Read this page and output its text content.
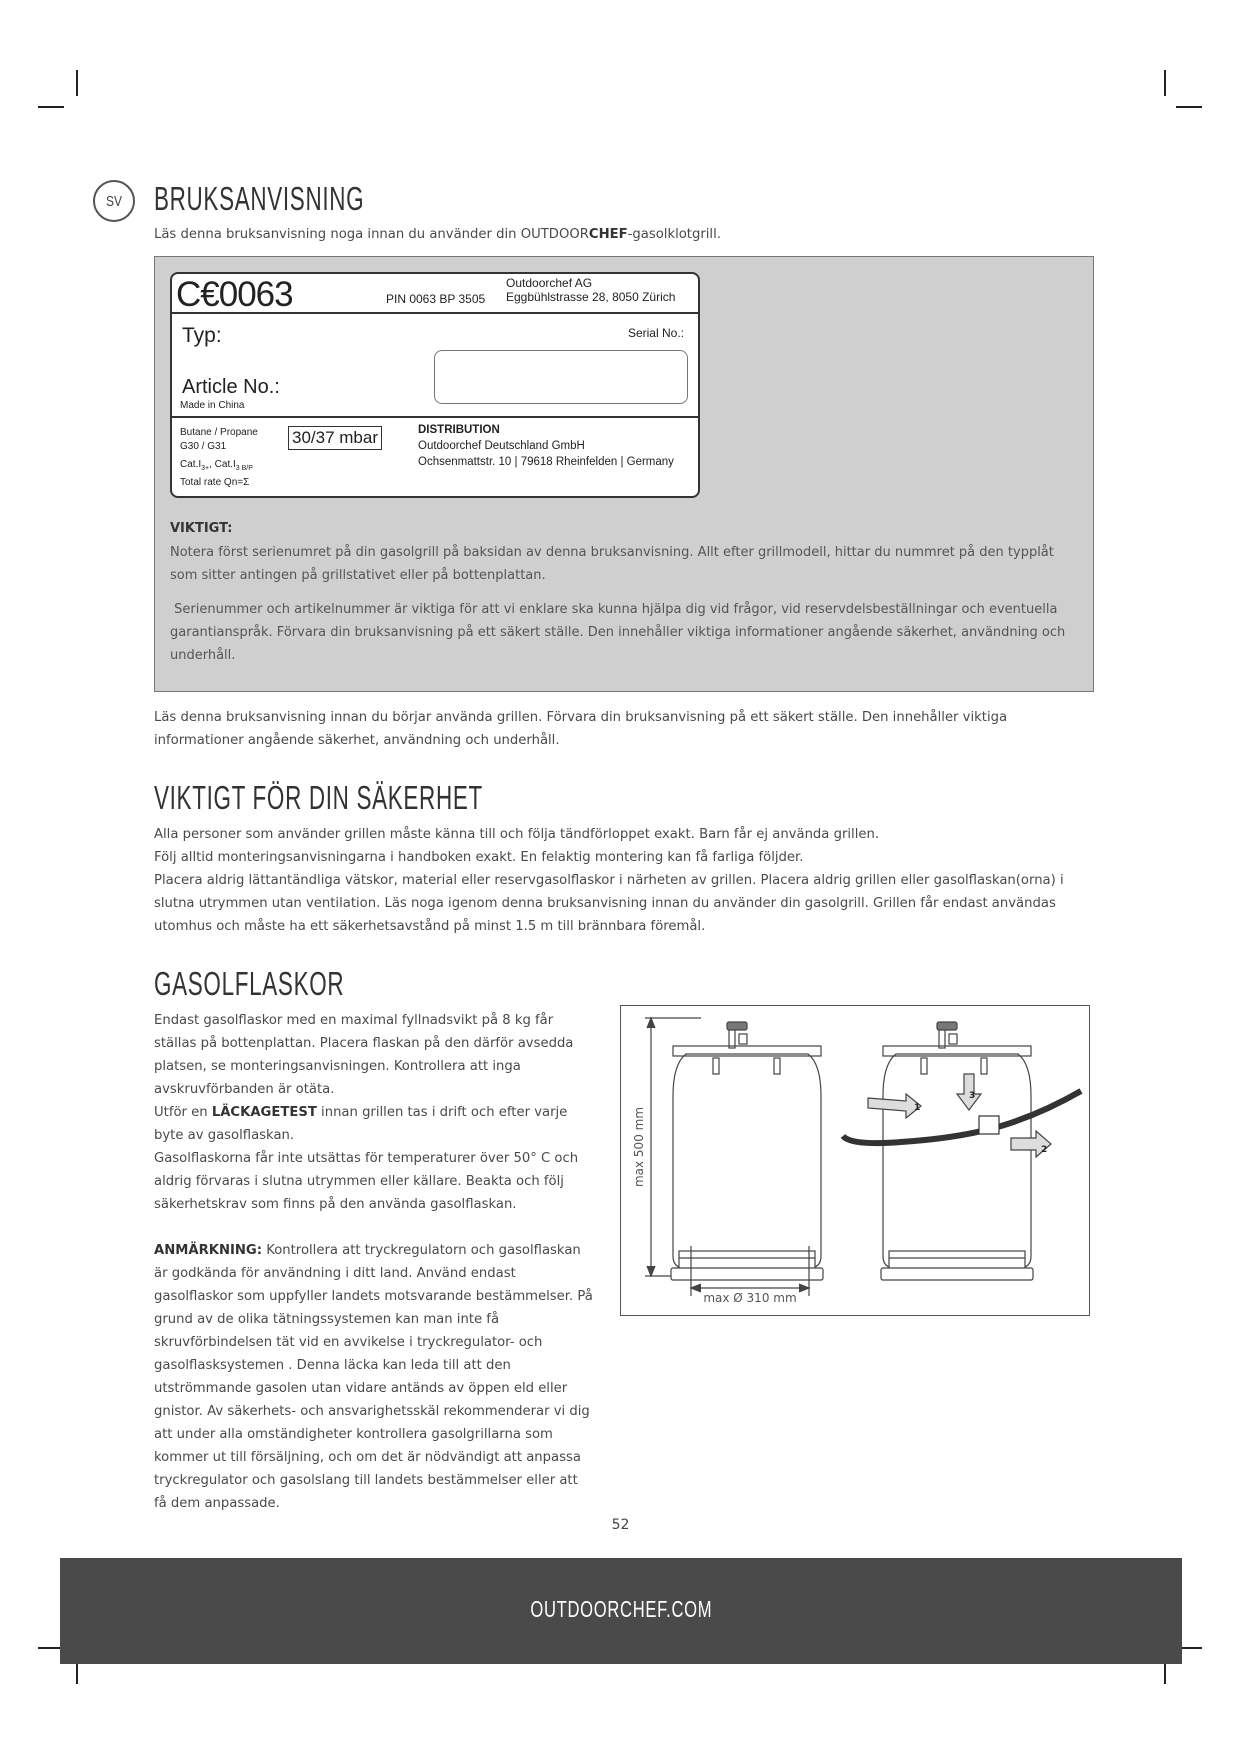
SV BRUKSANVISNING
Läs denna bruksanvisning noga innan du använder din OUTDOORCHEF-gasolklotgrill.
C€0063	PIN 0063 BP 3505
Outdoorchef AG
Eggbühlstrasse 28, 8050 Zürich
Typ:	Serial No.:
Article No.:
Made in China
Butane / Propane
G30 / G31
$Cat.I_{3+}$, $Cat.I_{3 B/P}$
Total rate Qn=Σ
30/37 mbar	DISTRIBUTION
Outdoorchef Deutschland GmbH
Ochsenmattstr. 10 | 79618 Rheinfelden | Germany
VIKTIGT:
Notera först serienumret på din gasolgrill på baksidan av denna bruksanvisning. Allt efter grillmodell, hittar du nummret på den typplåt som sitter antingen på grillstativet eller på bottenplattan.
Serienummer och artikelnummer är viktiga för att vi enklare ska kunna hjälpa dig vid frågor, vid reservdelsbeställningar och eventuella garantianspråk. Förvara din bruksanvisning på ett säkert ställe. Den innehåller viktiga informationer angående säkerhet, användning och underhåll.
Läs denna bruksanvisning innan du börjar använda grillen. Förvara din bruksanvisning på ett säkert ställe. Den innehåller viktiga informationer angående säkerhet, användning och underhåll.
VIKTIGT FÖR DIN SÄKERHET
Alla personer som använder grillen måste känna till och följa tändförloppet exakt. Barn får ej använda grillen.
Följ alltid monteringsanvisningarna i handboken exakt. En felaktig montering kan få farliga följder.
Placera aldrig lättantändliga vätskor, material eller reservgasolflaskor i närheten av grillen. Placera aldrig grillen eller gasolflaskan(orna) i slutna utrymmen utan ventilation. Läs noga igenom denna bruksanvisning innan du använder din gasolgrill. Grillen får endast användas utomhus och måste ha ett säkerhetsavstånd på minst 1.5 m till brännbara föremål.
GASOLFLASKOR
Endast gasolflaskor med en maximal fyllnadsvikt på 8 kg får ställas på bottenplattan. Placera flaskan på den därför avsedda platsen, se monteringsanvisningen. Kontrollera att inga avskruvförbanden är otäta.
Utför en LÄCKAGETEST innan grillen tas i drift och efter varje byte av gasolflaskan.
Gasolflaskorna får inte utsättas för temperaturer över 50° C och aldrig förvaras i slutna utrymmen eller källare. Beakta och följ säkerhetskrav som finns på den använda gasolflaskan.
ANMÄRKNING: Kontrollera att tryckregulatorn och gasolflaskan är godkända för användning i ditt land. Använd endast gasolflaskor som uppfyller landets motsvarande bestämmelser. På grund av de olika tätningssystemen kan man inte få skruvförbindelsen tät vid en avvikelse i tryckregulator- och gasolflasksystemen . Denna läcka kan leda till att den utströmmande gasolen utan vidare antänds av öppen eld eller gnistor. Av säkerhets- och ansvarighetsskäl rekommenderar vi dig att under alla omständigheter kontrollera gasolgrillarna som kommer ut till försäljning, och om det är nödvändigt att anpassa tryckregulator och gasolslang till landets bestämmelser eller att få dem anpassade.
max 500 mm
max Ø 310 mm
1
2
3
52
OUTDOORCHEF.COM
